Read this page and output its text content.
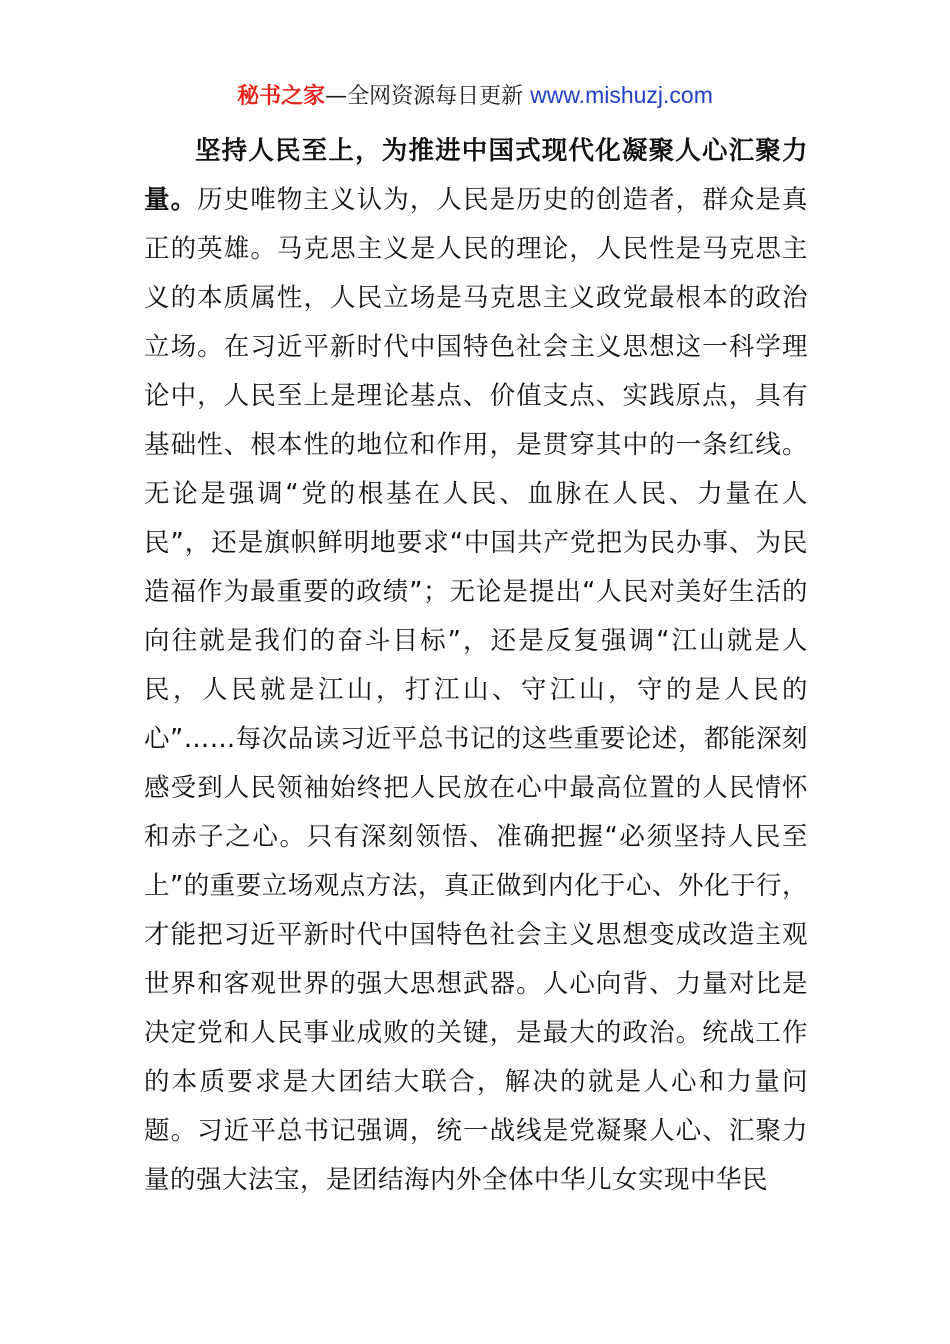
秘书之家—全网资源每日更新 www.mishuzj.com

坚持人民至上，为推进中国式现代化凝聚人心汇聚力量。历史唯物主义认为，人民是历史的创造者，群众是真正的英雄。马克思主义是人民的理论，人民性是马克思主义的本质属性，人民立场是马克思主义政党最根本的政治立场。在习近平新时代中国特色社会主义思想这一科学理论中，人民至上是理论基点、价值支点、实践原点，具有基础性、根本性的地位和作用，是贯穿其中的一条红线。无论是强调“党的根基在人民、血脉在人民、力量在人民”，还是旗帜鲜明地要求“中国共产党把为民办事、为民造福作为最重要的政绩”；无论是提出“人民对美好生活的向往就是我们的奋斗目标”，还是反复强调“江山就是人民，人民就是江山，打江山、守江山，守的是人民的心”……每次品读习近平总书记的这些重要论述，都能深刻感受到人民领袖始终把人民放在心中最高位置的人民情怀和赤子之心。只有深刻领悟、准确把握“必须坚持人民至上”的重要立场观点方法，真正做到内化于心、外化于行，才能把习近平新时代中国特色社会主义思想变成改造主观世界和客观世界的强大思想武器。人心向背、力量对比是决定党和人民事业成败的关键，是最大的政治。统战工作的本质要求是大团结大联合，解决的就是人心和力量问题。习近平总书记强调，统一战线是党凝聚人心、汇聚力量的强大法宝，是团结海内外全体中华儿女实现中华民
